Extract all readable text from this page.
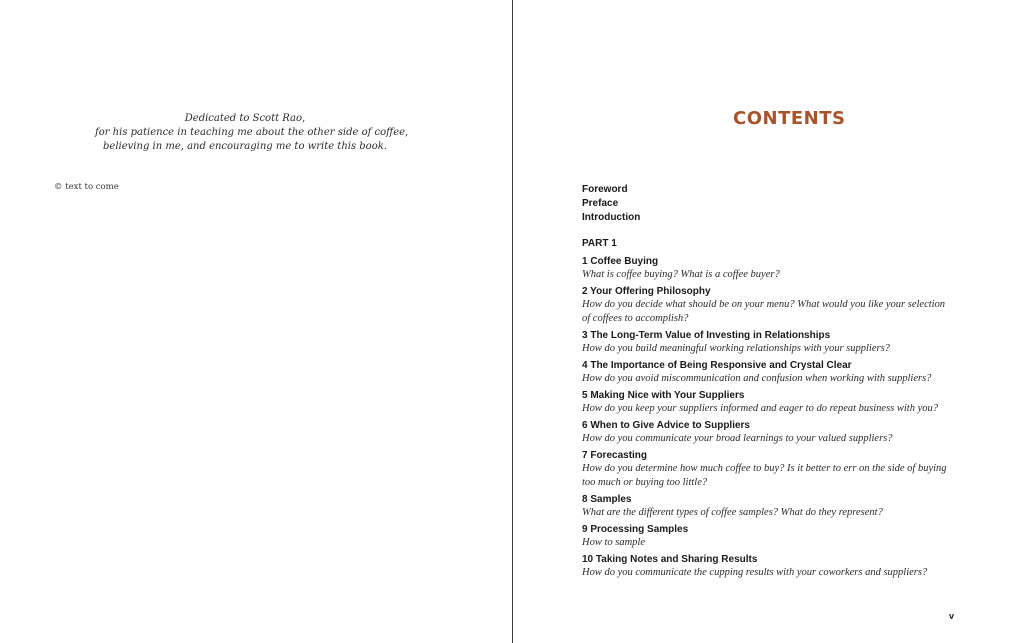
Dedicated to Scott Rao,
for his patience in teaching me about the other side of coffee,
believing in me, and encouraging me to write this book.
© text to come
CONTENTS
Foreword
Preface
Introduction
PART 1
1 Coffee Buying
What is coffee buying? What is a coffee buyer?
2 Your Offering Philosophy
How do you decide what should be on your menu? What would you like your selection of coffees to accomplish?
3 The Long-Term Value of Investing in Relationships
How do you build meaningful working relationships with your suppliers?
4 The Importance of Being Responsive and Crystal Clear
How do you avoid miscommunication and confusion when working with suppliers?
5 Making Nice with Your Suppliers
How do you keep your suppliers informed and eager to do repeat business with you?
6 When to Give Advice to Suppliers
How do you communicate your broad learnings to your valued suppliers?
7 Forecasting
How do you determine how much coffee to buy? Is it better to err on the side of buying too much or buying too little?
8 Samples
What are the different types of coffee samples? What do they represent?
9 Processing Samples
How to sample
10 Taking Notes and Sharing Results
How do you communicate the cupping results with your coworkers and suppliers?
v
